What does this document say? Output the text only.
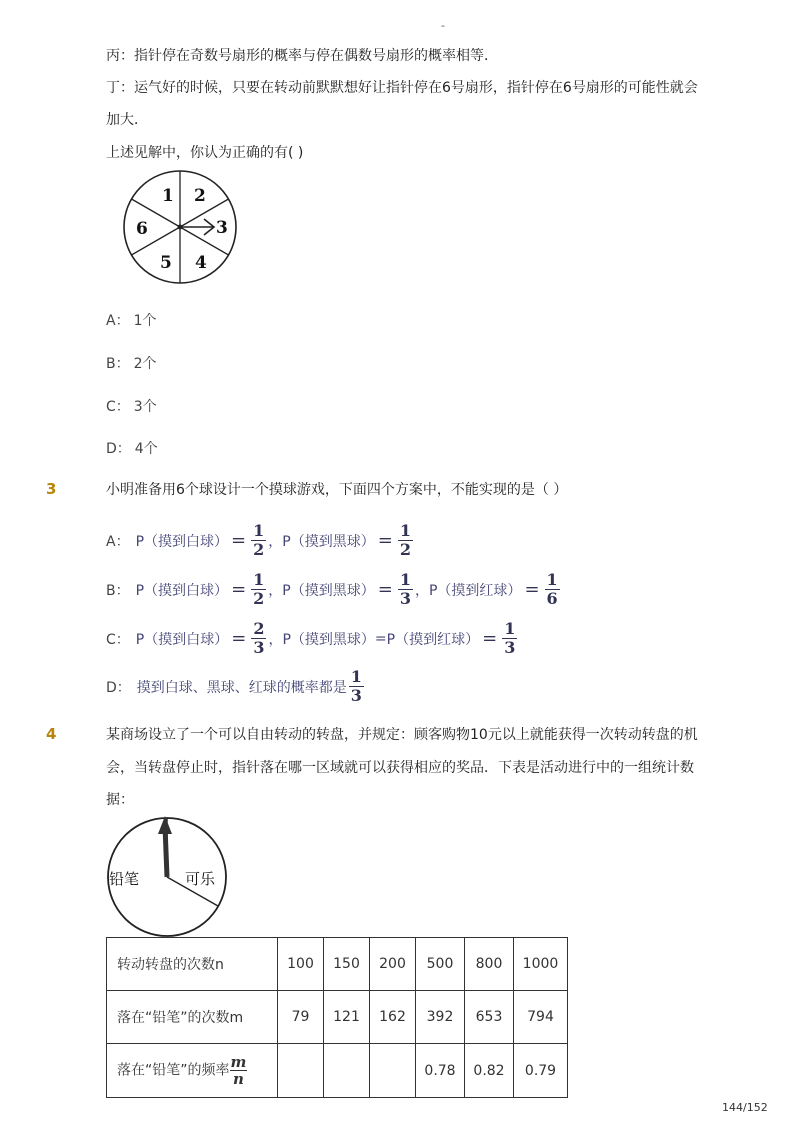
-
丙：指针停在奇数号扇形的概率与停在偶数号扇形的概率相等．
丁：运气好的时候，只要在转动前默默想好让指针停在6号扇形，指针停在6号扇形的可能性就会
加大．
上述见解中，你认为正确的有( )
1 2
3
4
5
6
A： 1个
B： 2个
C： 3个
D： 4个
3	小明准备用6个球设计一个摸球游戏，下面四个方案中，不能实现的是（ ）
A： P（摸到白球） = $\frac{1}{2}$ ， P（摸到黑球） = $\frac{1}{2}$
B： P（摸到白球） = $\frac{1}{2}$ ， P（摸到黑球） = $\frac{1}{3}$ ， P（摸到红球） = $\frac{1}{6}$
C： P（摸到白球） = $\frac{2}{3}$ ， P（摸到黑球） = P（摸到红球） = $\frac{1}{3}$
D： 摸到白球、黑球、红球的概率都是 $\frac{1}{3}$
4	某商场设立了一个可以自由转动的转盘，并规定：顾客购物10元以上就能获得一次转动转盘的机
会，当转盘停止时，指针落在哪一区域就可以获得相应的奖品．下表是活动进行中的一组统计数
据：
铅笔	可乐
转动转盘的次数n	100	150	200	500	800	1000
落在“铅笔”的次数m	79	121	162	392	653	794
落在“铅笔”的频率 $\frac{m}{n}$				0.78	0.82	0.79
144/152
